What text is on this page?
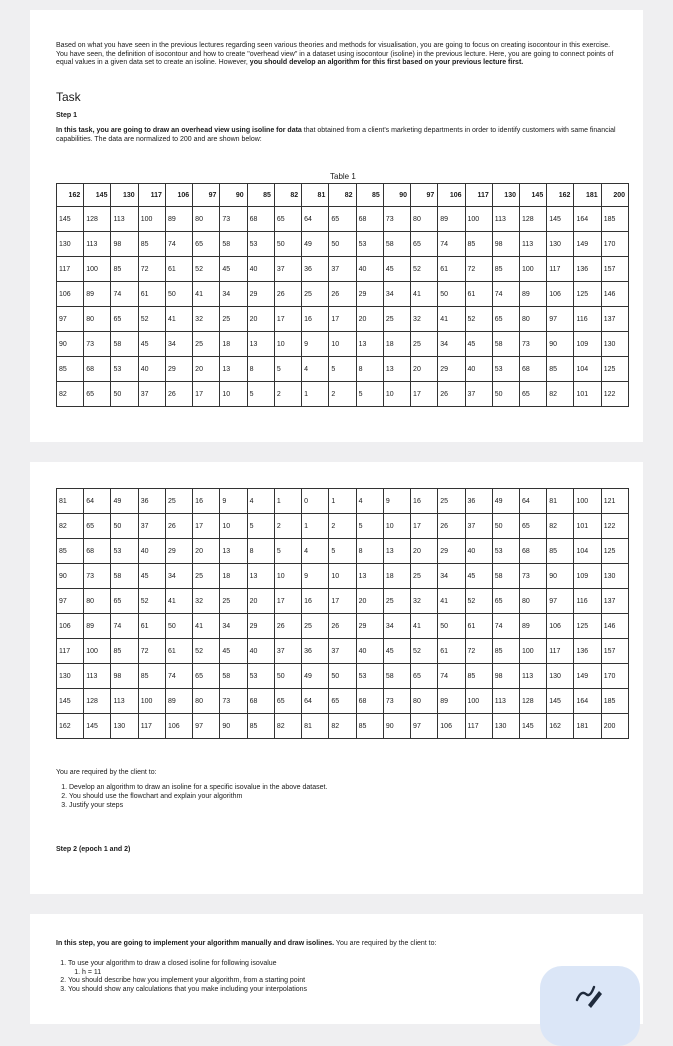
Based on what you have seen in the previous lectures regarding seen various theories and methods for visualisation, you are going to focus on creating isocontour in this exercise. You have seen, the definition of isocontour and how to create "overhead view" in a dataset using isocontour (isoline) in the previous lecture. Here, you are going to connect points of equal values in a given data set to create an isoline. However, you should develop an algorithm for this first based on your previous lecture first.

Task
Step 1

In this task, you are going to draw an overhead view using isoline for data that obtained from a client's marketing departments in order to identify customers with same financial capabilities. The data are normalized to 200 and are shown below:

Table 1
162	145	130	117	106	97	90	85	82	81	82	85	90	97	106	117	130	145	162	181	200
145	128	113	100	89	80	73	68	65	64	65	68	73	80	89	100	113	128	145	164	185
130	113	98	85	74	65	58	53	50	49	50	53	58	65	74	85	98	113	130	149	170
117	100	85	72	61	52	45	40	37	36	37	40	45	52	61	72	85	100	117	136	157
106	89	74	61	50	41	34	29	26	25	26	29	34	41	50	61	74	89	106	125	146
97	80	65	52	41	32	25	20	17	16	17	20	25	32	41	52	65	80	97	116	137
90	73	58	45	34	25	18	13	10	9	10	13	18	25	34	45	58	73	90	109	130
85	68	53	40	29	20	13	8	5	4	5	8	13	20	29	40	53	68	85	104	125
82	65	50	37	26	17	10	5	2	1	2	5	10	17	26	37	50	65	82	101	122
81	64	49	36	25	16	9	4	1	0	1	4	9	16	25	36	49	64	81	100	121
82	65	50	37	26	17	10	5	2	1	2	5	10	17	26	37	50	65	82	101	122
85	68	53	40	29	20	13	8	5	4	5	8	13	20	29	40	53	68	85	104	125
90	73	58	45	34	25	18	13	10	9	10	13	18	25	34	45	58	73	90	109	130
97	80	65	52	41	32	25	20	17	16	17	20	25	32	41	52	65	80	97	116	137
106	89	74	61	50	41	34	29	26	25	26	29	34	41	50	61	74	89	106	125	146
117	100	85	72	61	52	45	40	37	36	37	40	45	52	61	72	85	100	117	136	157
130	113	98	85	74	65	58	53	50	49	50	53	58	65	74	85	98	113	130	149	170
145	128	113	100	89	80	73	68	65	64	65	68	73	80	89	100	113	128	145	164	185
162	145	130	117	106	97	90	85	82	81	82	85	90	97	106	117	130	145	162	181	200

You are required by the client to:

1. Develop an algorithm to draw an isoline for a specific isovalue in the above dataset.
2. You should use the flowchart and explain your algorithm
3. Justify your steps
Step 2 (epoch 1 and 2)

In this step, you are going to implement your algorithm manually and draw isolines. You are required by the client to:

1. To use your algorithm to draw a closed isoline for following isovalue
1. h = 11
2. You should describe how you implement your algorithm, from a starting point
3. You should show any calculations that you make including your interpolations
